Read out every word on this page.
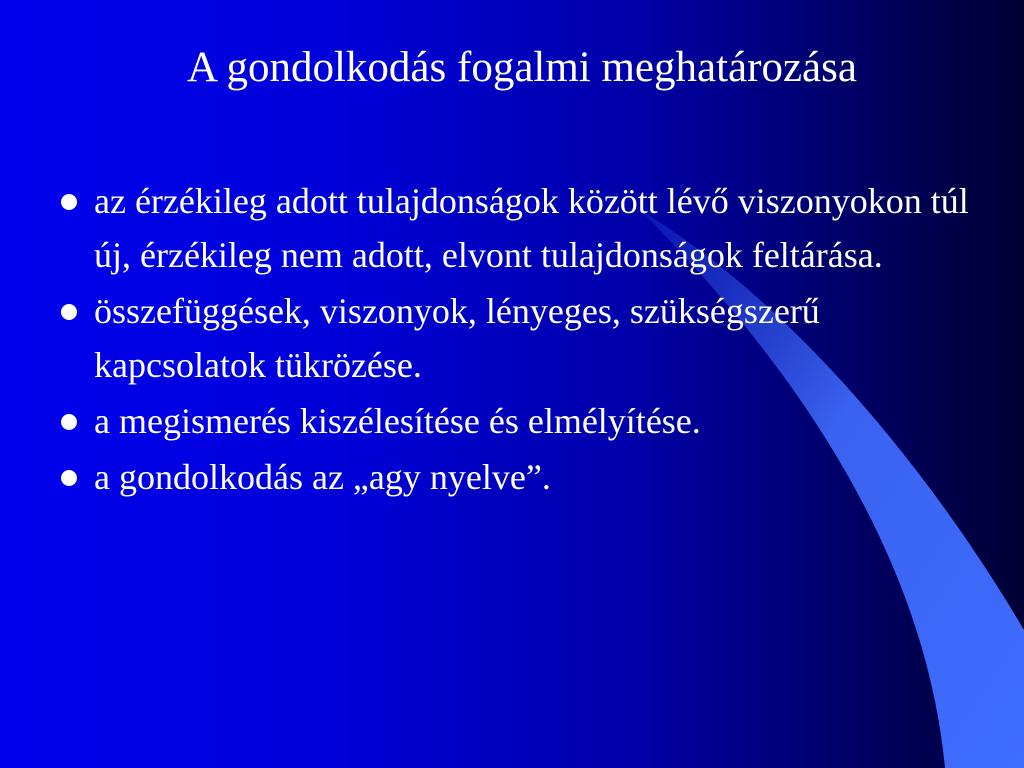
A gondolkodás fogalmi meghatározása
az érzékileg adott tulajdonságok között lévő viszonyokon túl új, érzékileg nem adott, elvont tulajdonságok feltárása.
összefüggések, viszonyok, lényeges, szükségszerű kapcsolatok tükrözése.
a megismerés kiszélesítése és elmélyítése.
a gondolkodás az „agy nyelve”.
